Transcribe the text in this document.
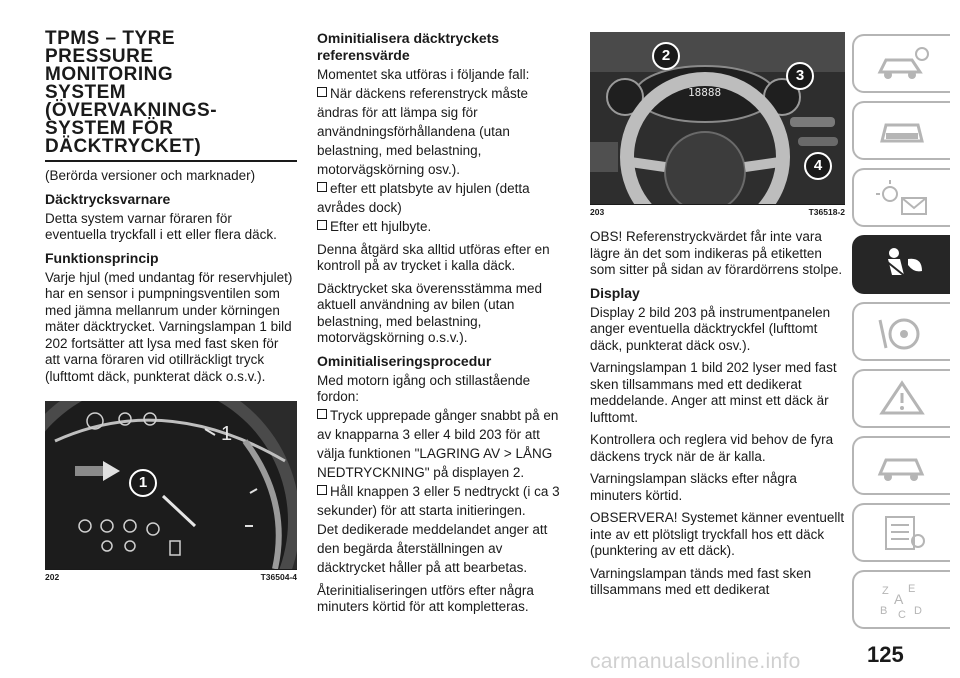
TPMS – TYRE
PRESSURE
MONITORING
SYSTEM
(ÖVERVAKNINGS-
SYSTEM FÖR
DÄCKTRYCKET)

(Berörda versioner och marknader)

Däcktrycksvarnare

Detta system varnar föraren för eventuella tryckfall i ett eller flera däck.

Funktionsprincip

Varje hjul (med undantag för reservhjulet) har en sensor i pumpningsventilen som med jämna mellanrum under körningen mäter däcktrycket. Varningslampan 1 bild 202 fortsätter att lysa med fast sken för att varna föraren vid otillräckligt tryck (lufttomt däck, punkterat däck o.s.v.).

1
1
202	T36504-4
Ominitialisera däcktryckets referensvärde

Momentet ska utföras i följande fall:

När däckens referenstryck måste ändras för att lämpa sig för användningsförhållandena (utan belastning, med belastning, motorvägskörning osv.).
efter ett platsbyte av hjulen (detta avrådes dock)
Efter ett hjulbyte.

Denna åtgärd ska alltid utföras efter en kontroll på av trycket i kalla däck.

Däcktrycket ska överensstämma med aktuell användning av bilen (utan belastning, med belastning, motorvägskörning o.s.v.).

Ominitialiseringsprocedur

Med motorn igång och stillastående fordon:

Tryck upprepade gånger snabbt på en av knapparna 3 eller 4 bild 203 för att välja funktionen "LAGRING AV > LÅNG NEDTRYCKNING" på displayen 2.
Håll knappen 3 eller 5 nedtryckt (i ca 3 sekunder) för att starta initieringen.

Det dedikerade meddelandet anger att den begärda återställningen av däcktrycket håller på att bearbetas.

Återinitialiseringen utförs efter några minuters körtid för att kompletteras.

18888
2
3
4
203	T36518-2

OBS! Referenstryckvärdet får inte vara lägre än det som indikeras på etiketten som sitter på sidan av förardörrens stolpe.

Display

Display 2 bild 203 på instrumentpanelen anger eventuella däcktryckfel (lufttomt däck, punkterat däck osv.).

Varningslampan 1 bild 202 lyser med fast sken tillsammans med ett dedikerat meddelande. Anger att minst ett däck är lufttomt.

Kontrollera och reglera vid behov de fyra däckens tryck när de är kalla.

Varningslampan släcks efter några minuters körtid.

OBSERVERA! Systemet känner eventuellt inte av ett plötsligt tryckfall hos ett däck (punktering av ett däck).

Varningslampan tänds med fast sken tillsammans med ett dedikerat	Z E
A
B C D
125
carmanualsonline.info
